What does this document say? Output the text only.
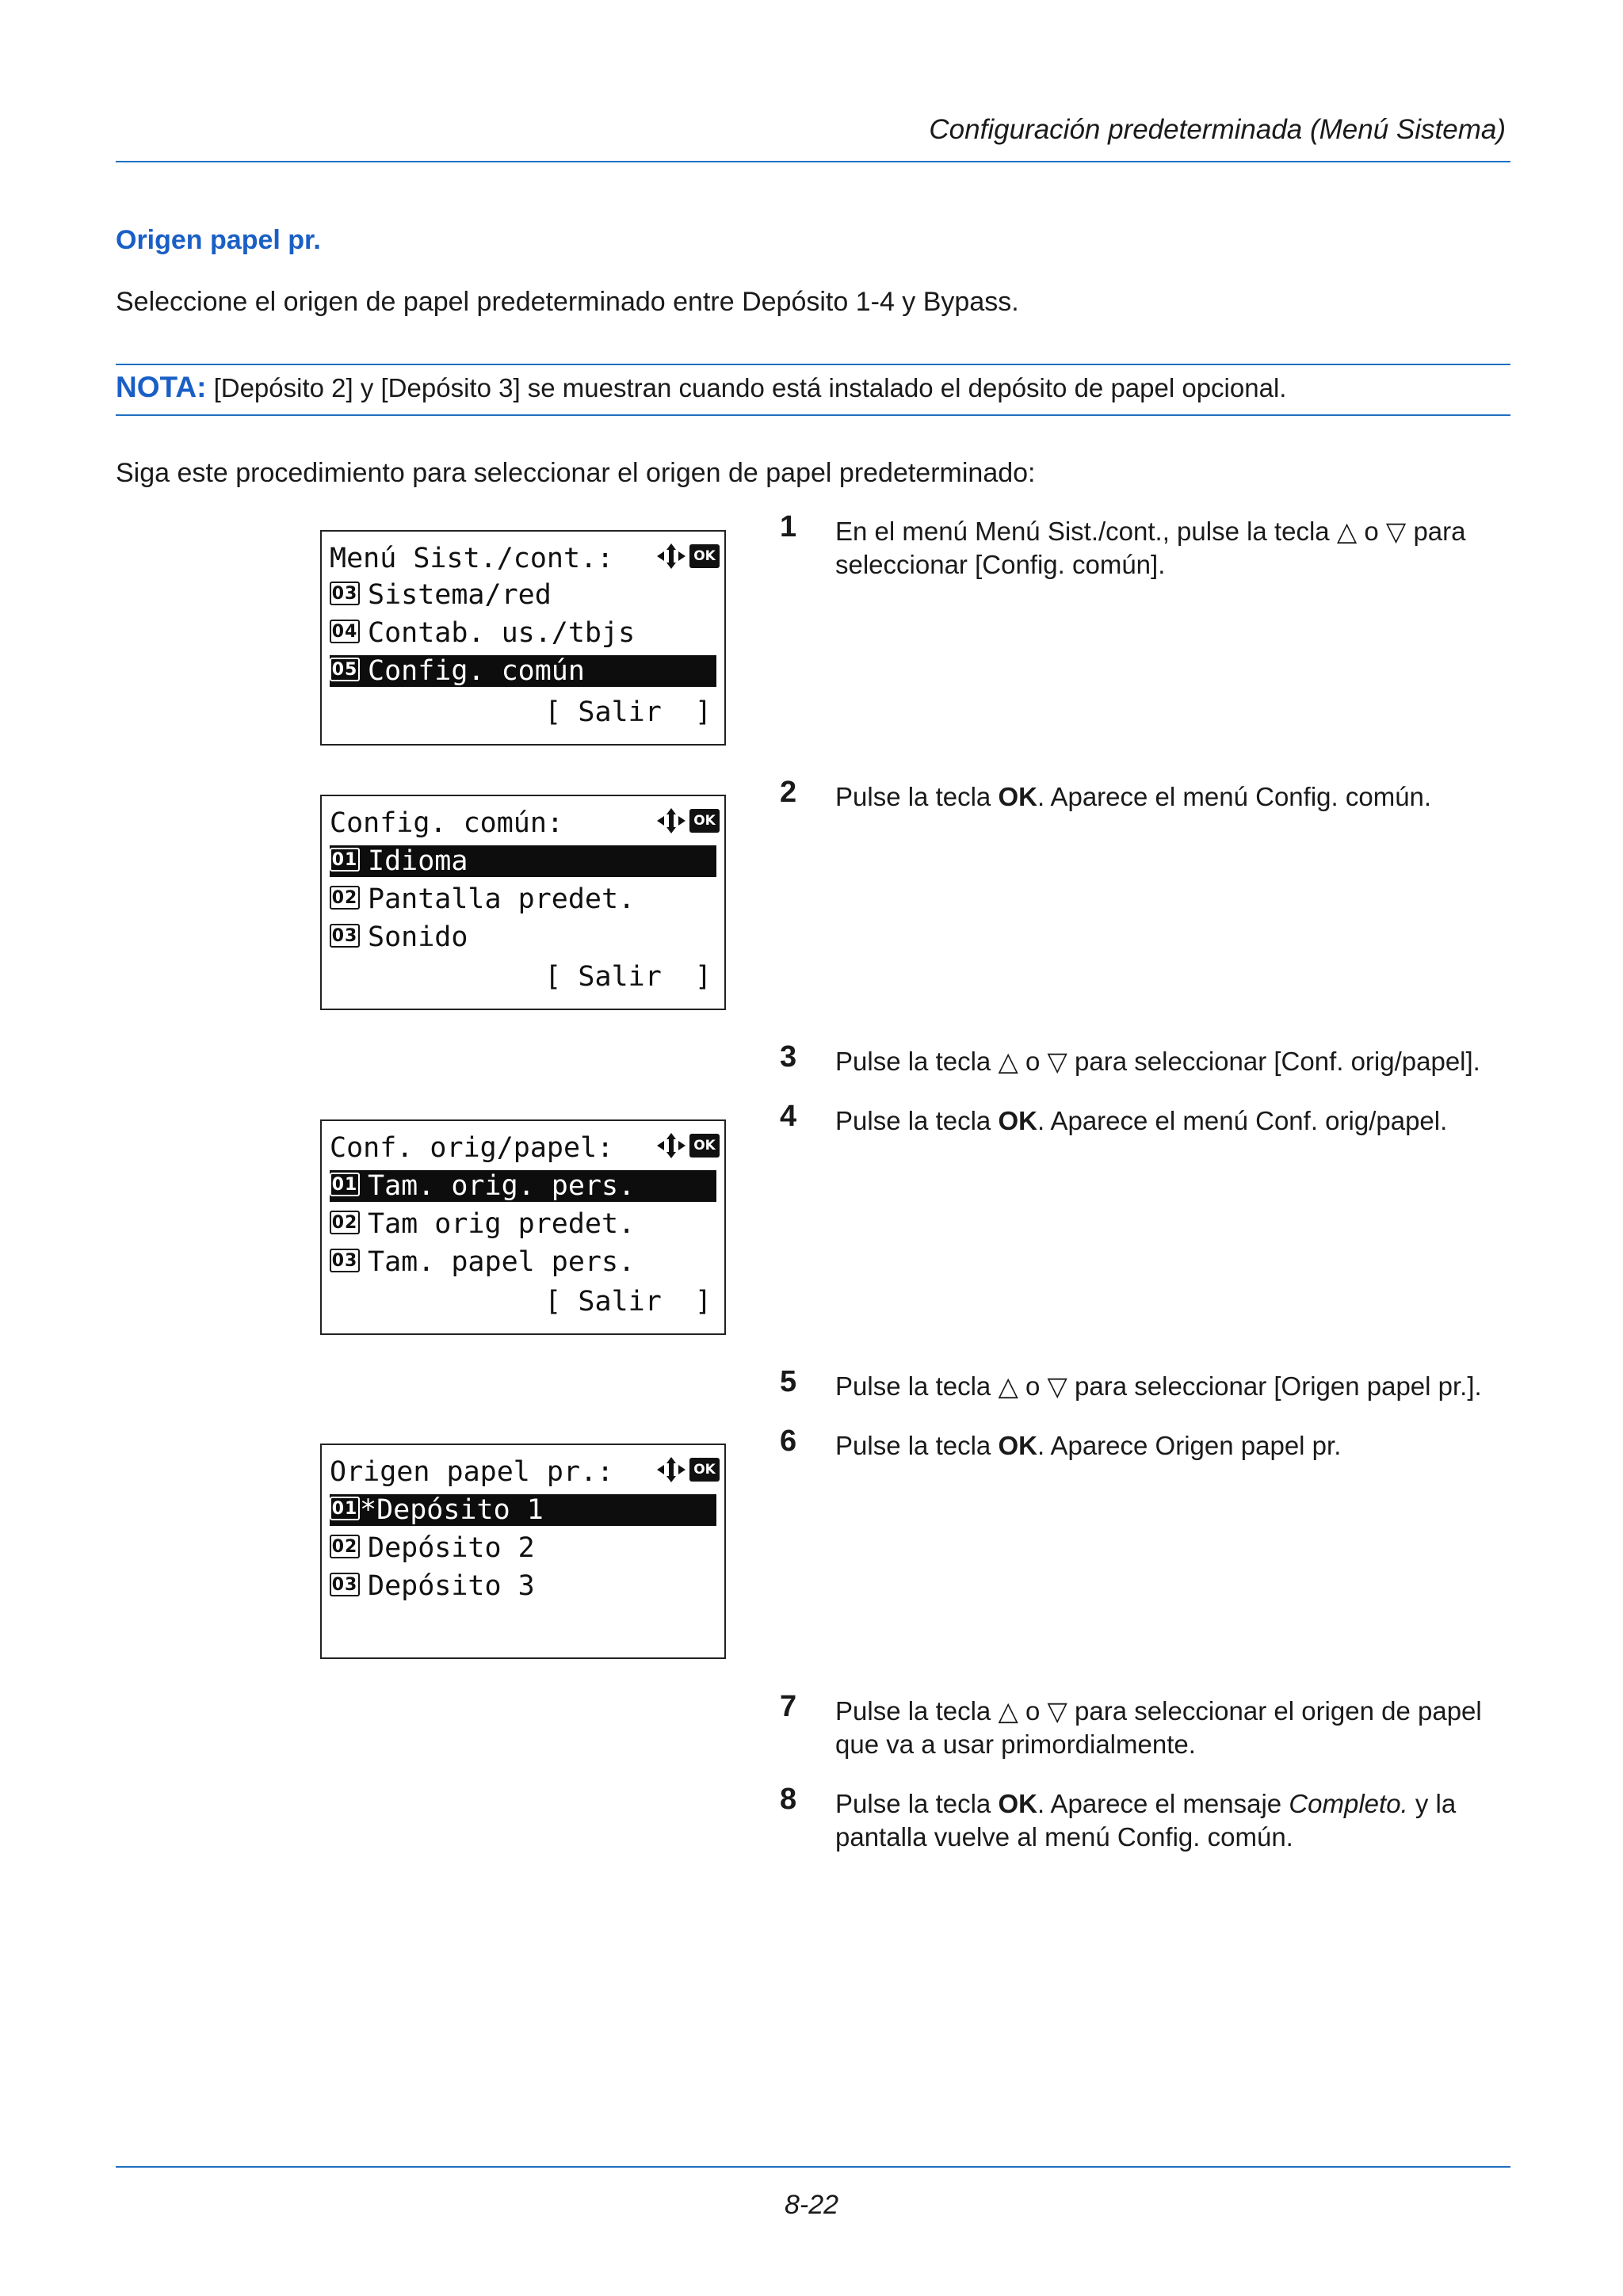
Configuración predeterminada (Menú Sistema)
Origen papel pr.
Seleccione el origen de papel predeterminado entre Depósito 1-4 y Bypass.
NOTA: [Depósito 2] y [Depósito 3] se muestran cuando está instalado el depósito de papel opcional.
Siga este procedimiento para seleccionar el origen de papel predeterminado:
Menú Sist./cont.:	OK
03 Sistema/red
04 Contab. us./tbjs
05 Config. común
[ Salir  ]
Config. común:	OK
01 Idioma
02 Pantalla predet.
03 Sonido
[ Salir  ]
Conf. orig/papel:	OK
01 Tam. orig. pers.
02 Tam orig predet.
03 Tam. papel pers.
[ Salir  ]
Origen papel pr.:	OK
01*Depósito 1
02 Depósito 2
03 Depósito 3
1 En el menú Menú Sist./cont., pulse la tecla △ o ▽ para seleccionar [Config. común].
2 Pulse la tecla OK. Aparece el menú Config. común.
3 Pulse la tecla △ o ▽ para seleccionar [Conf. orig/papel].
4 Pulse la tecla OK. Aparece el menú Conf. orig/papel.
5 Pulse la tecla △ o ▽ para seleccionar [Origen papel pr.].
6 Pulse la tecla OK. Aparece Origen papel pr.
7 Pulse la tecla △ o ▽ para seleccionar el origen de papel que va a usar primordialmente.
8 Pulse la tecla OK. Aparece el mensaje Completo. y la pantalla vuelve al menú Config. común.
8-22
